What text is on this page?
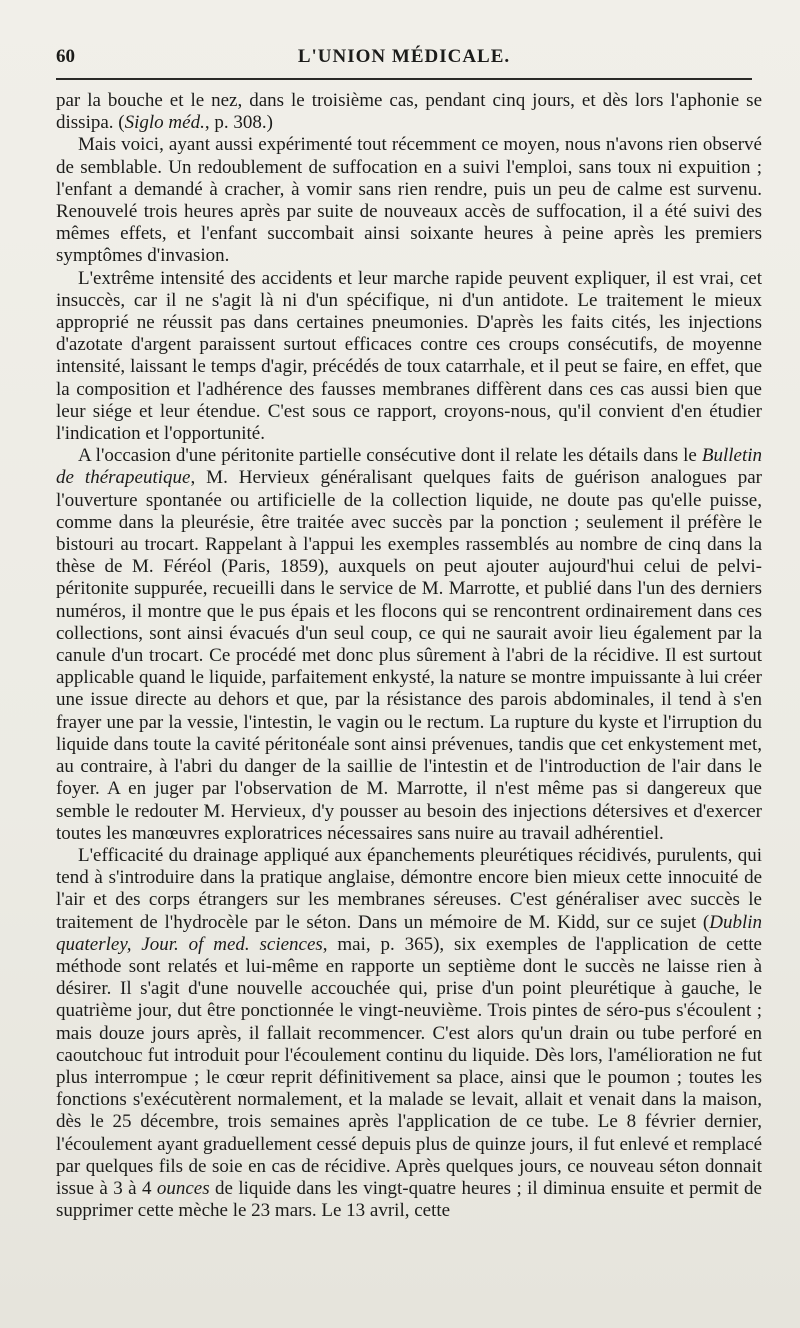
60	L'UNION MÉDICALE.

par la bouche et le nez, dans le troisième cas, pendant cinq jours, et dès lors l'aphonie se dissipa. (Siglo méd., p. 308.)

Mais voici, ayant aussi expérimenté tout récemment ce moyen, nous n'avons rien observé de semblable. Un redoublement de suffocation en a suivi l'emploi, sans toux ni expuition ; l'enfant a demandé à cracher, à vomir sans rien rendre, puis un peu de calme est survenu. Renouvelé trois heures après par suite de nouveaux accès de suffocation, il a été suivi des mêmes effets, et l'enfant succombait ainsi soixante heures à peine après les premiers symptômes d'invasion.

L'extrême intensité des accidents et leur marche rapide peuvent expliquer, il est vrai, cet insuccès, car il ne s'agit là ni d'un spécifique, ni d'un antidote. Le traitement le mieux approprié ne réussit pas dans certaines pneumonies. D'après les faits cités, les injections d'azotate d'argent paraissent surtout efficaces contre ces croups consécutifs, de moyenne intensité, laissant le temps d'agir, précédés de toux catarrhale, et il peut se faire, en effet, que la composition et l'adhérence des fausses membranes diffèrent dans ces cas aussi bien que leur siége et leur étendue. C'est sous ce rapport, croyons-nous, qu'il convient d'en étudier l'indication et l'opportunité.

A l'occasion d'une péritonite partielle consécutive dont il relate les détails dans le Bulletin de thérapeutique, M. Hervieux généralisant quelques faits de guérison analogues par l'ouverture spontanée ou artificielle de la collection liquide, ne doute pas qu'elle puisse, comme dans la pleurésie, être traitée avec succès par la ponction ; seulement il préfère le bistouri au trocart. Rappelant à l'appui les exemples rassemblés au nombre de cinq dans la thèse de M. Féréol (Paris, 1859), auxquels on peut ajouter aujourd'hui celui de pelvi-péritonite suppurée, recueilli dans le service de M. Marrotte, et publié dans l'un des derniers numéros, il montre que le pus épais et les flocons qui se rencontrent ordinairement dans ces collections, sont ainsi évacués d'un seul coup, ce qui ne saurait avoir lieu également par la canule d'un trocart. Ce procédé met donc plus sûrement à l'abri de la récidive. Il est surtout applicable quand le liquide, parfaitement enkysté, la nature se montre impuissante à lui créer une issue directe au dehors et que, par la résistance des parois abdominales, il tend à s'en frayer une par la vessie, l'intestin, le vagin ou le rectum. La rupture du kyste et l'irruption du liquide dans toute la cavité péritonéale sont ainsi prévenues, tandis que cet enkystement met, au contraire, à l'abri du danger de la saillie de l'intestin et de l'introduction de l'air dans le foyer. A en juger par l'observation de M. Marrotte, il n'est même pas si dangereux que semble le redouter M. Hervieux, d'y pousser au besoin des injections détersives et d'exercer toutes les manœuvres exploratrices nécessaires sans nuire au travail adhérentiel.

L'efficacité du drainage appliqué aux épanchements pleurétiques récidivés, purulents, qui tend à s'introduire dans la pratique anglaise, démontre encore bien mieux cette innocuité de l'air et des corps étrangers sur les membranes séreuses. C'est généraliser avec succès le traitement de l'hydrocèle par le séton. Dans un mémoire de M. Kidd, sur ce sujet (Dublin quaterley, Jour. of med. sciences, mai, p. 365), six exemples de l'application de cette méthode sont relatés et lui-même en rapporte un septième dont le succès ne laisse rien à désirer. Il s'agit d'une nouvelle accouchée qui, prise d'un point pleurétique à gauche, le quatrième jour, dut être ponctionnée le vingt-neuvième. Trois pintes de séro-pus s'écoulent ; mais douze jours après, il fallait recommencer. C'est alors qu'un drain ou tube perforé en caoutchouc fut introduit pour l'écoulement continu du liquide. Dès lors, l'amélioration ne fut plus interrompue ; le cœur reprit définitivement sa place, ainsi que le poumon ; toutes les fonctions s'exécutèrent normalement, et la malade se levait, allait et venait dans la maison, dès le 25 décembre, trois semaines après l'application de ce tube. Le 8 février dernier, l'écoulement ayant graduellement cessé depuis plus de quinze jours, il fut enlevé et remplacé par quelques fils de soie en cas de récidive. Après quelques jours, ce nouveau séton donnait issue à 3 à 4 ounces de liquide dans les vingt-quatre heures ; il diminua ensuite et permit de supprimer cette mèche le 23 mars. Le 13 avril, cette
